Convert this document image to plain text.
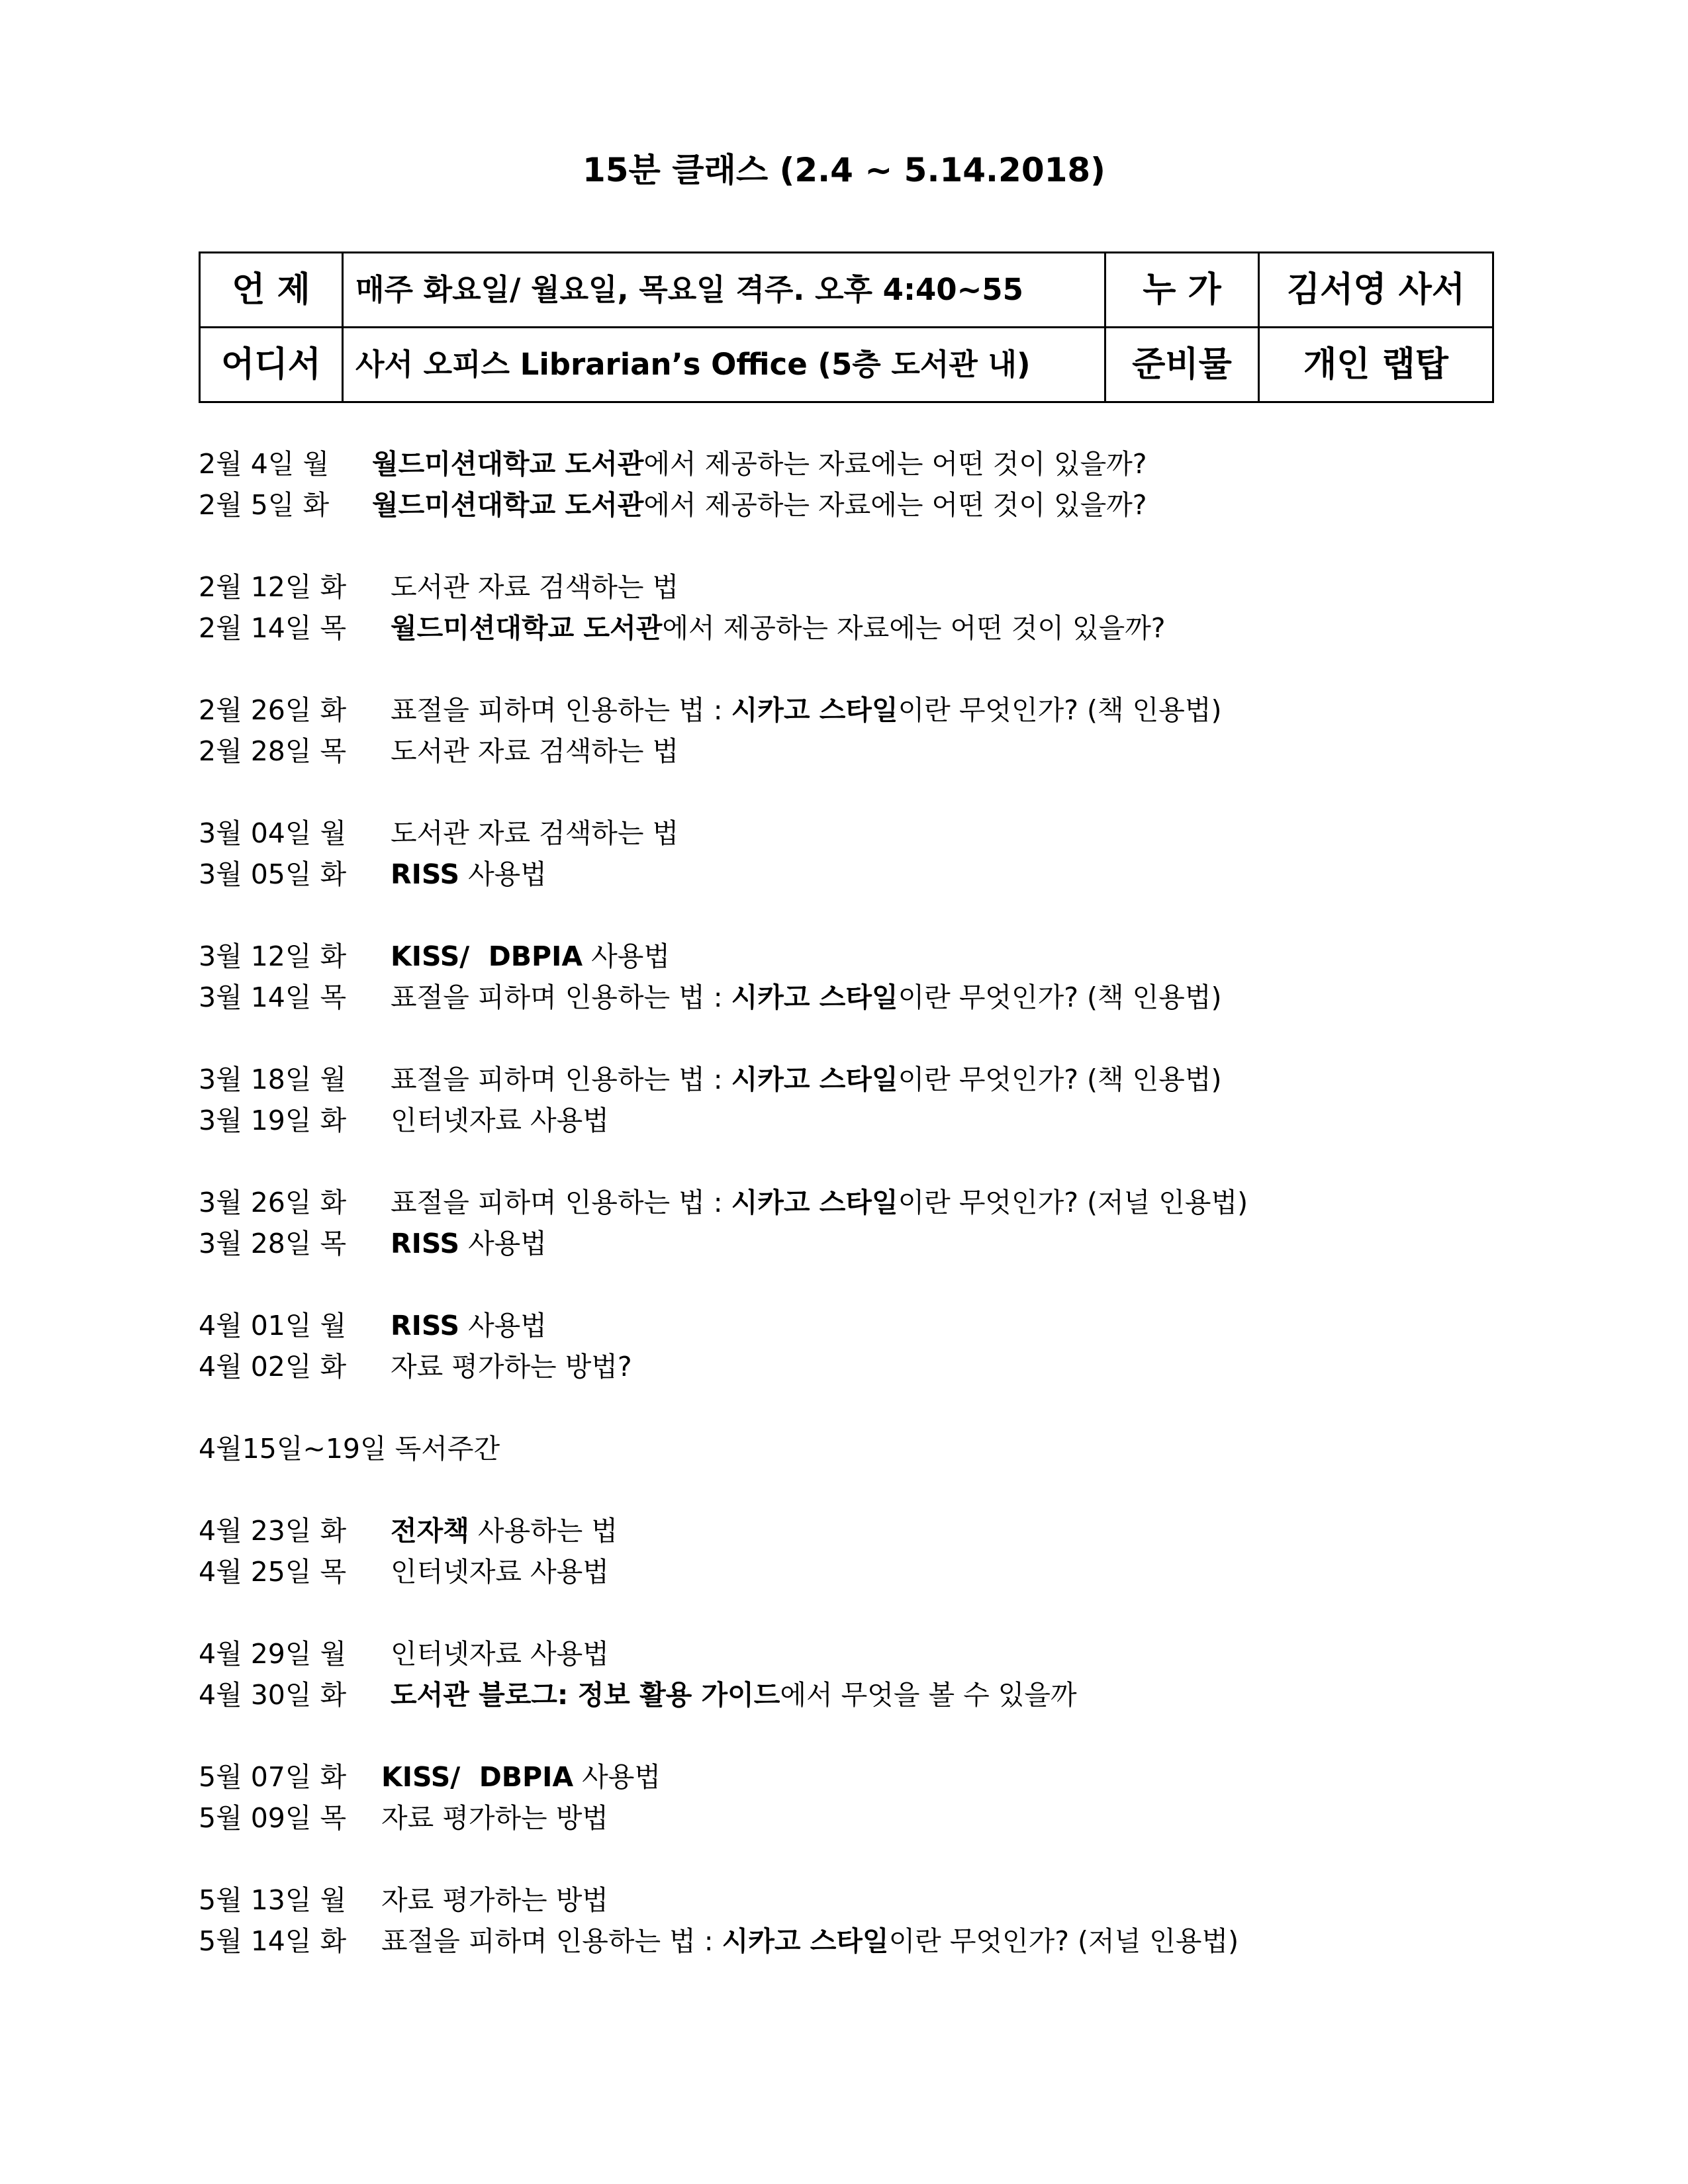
15분 클래스 (2.4 ~ 5.14.2018)
언 제	매주 화요일/ 월요일, 목요일 격주. 오후 4:40~55	누 가	김서영 사서
어디서	사서 오피스 Librarian’s Office (5층 도서관 내)	준비물	개인 랩탑
2월 4일 월 월드미션대학교 도서관에서 제공하는 자료에는 어떤 것이 있을까?
2월 5일 화 월드미션대학교 도서관에서 제공하는 자료에는 어떤 것이 있을까?
2월 12일 화 도서관 자료 검색하는 법
2월 14일 목 월드미션대학교 도서관에서 제공하는 자료에는 어떤 것이 있을까?
2월 26일 화 표절을 피하며 인용하는 법 : 시카고 스타일이란 무엇인가? (책 인용법)
2월 28일 목 도서관 자료 검색하는 법
3월 04일 월 도서관 자료 검색하는 법
3월 05일 화 RISS 사용법
3월 12일 화 KISS/  DBPIA 사용법
3월 14일 목 표절을 피하며 인용하는 법 : 시카고 스타일이란 무엇인가? (책 인용법)
3월 18일 월 표절을 피하며 인용하는 법 : 시카고 스타일이란 무엇인가? (책 인용법)
3월 19일 화 인터넷자료 사용법
3월 26일 화 표절을 피하며 인용하는 법 : 시카고 스타일이란 무엇인가? (저널 인용법)
3월 28일 목 RISS 사용법
4월 01일 월 RISS 사용법
4월 02일 화 자료 평가하는 방법?
4월15일~19일 독서주간
4월 23일 화 전자책 사용하는 법
4월 25일 목 인터넷자료 사용법
4월 29일 월 인터넷자료 사용법
4월 30일 화 도서관 블로그: 정보 활용 가이드에서 무엇을 볼 수 있을까
5월 07일 화 KISS/  DBPIA 사용법
5월 09일 목 자료 평가하는 방법
5월 13일 월 자료 평가하는 방법
5월 14일 화 표절을 피하며 인용하는 법 : 시카고 스타일이란 무엇인가? (저널 인용법)
